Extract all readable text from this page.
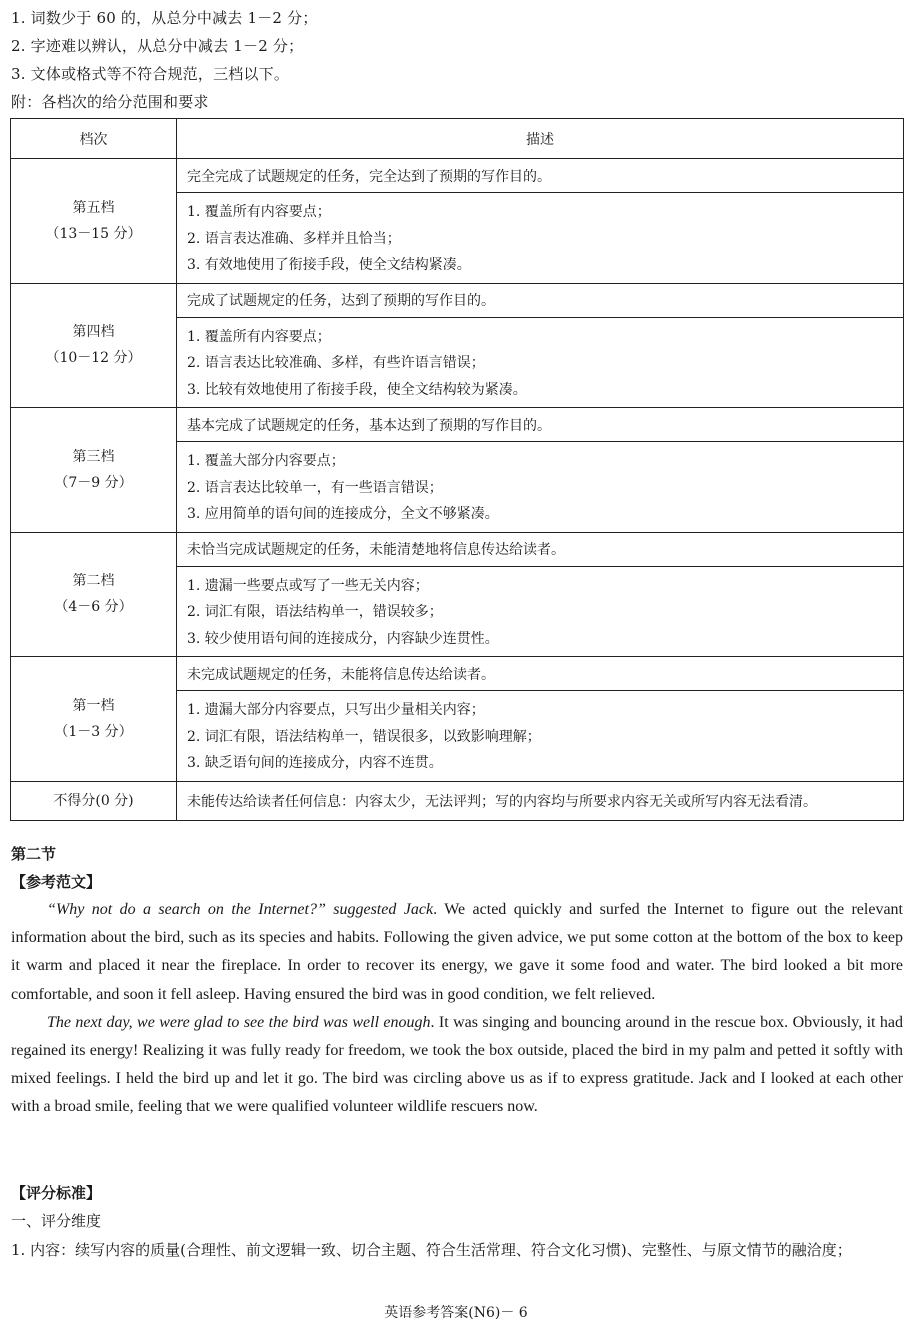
1. 词数少于 60 的，从总分中减去 1－2 分；
2. 字迹难以辨认，从总分中减去 1－2 分；
3. 文体或格式等不符合规范，三档以下。
附：各档次的给分范围和要求
档次	描述

第五档
（13－15 分）	完全完成了试题规定的任务，完全达到了预期的写作目的。

	1. 覆盖所有内容要点；
2. 语言表达准确、多样并且恰当；
3. 有效地使用了衔接手段，使全文结构紧凑。

第四档
（10－12 分）	完成了试题规定的任务，达到了预期的写作目的。

	1. 覆盖所有内容要点；
2. 语言表达比较准确、多样，有些许语言错误；
3. 比较有效地使用了衔接手段，使全文结构较为紧凑。

第三档
（7－9 分）	基本完成了试题规定的任务，基本达到了预期的写作目的。

	1. 覆盖大部分内容要点；
2. 语言表达比较单一，有一些语言错误；
3. 应用简单的语句间的连接成分，全文不够紧凑。

第二档
（4－6 分）	未恰当完成试题规定的任务，未能清楚地将信息传达给读者。

	1. 遗漏一些要点或写了一些无关内容；
2. 词汇有限，语法结构单一，错误较多；
3. 较少使用语句间的连接成分，内容缺少连贯性。

第一档
（1－3 分）	未完成试题规定的任务，未能将信息传达给读者。

	1. 遗漏大部分内容要点，只写出少量相关内容；
2. 词汇有限，语法结构单一，错误很多，以致影响理解；
3. 缺乏语句间的连接成分，内容不连贯。

不得分(0 分)	未能传达给读者任何信息：内容太少，无法评判；写的内容均与所要求内容无关或所写内容无法看清。
第二节
【参考范文】

“Why not do a search on the Internet?” suggested Jack. We acted quickly and surfed the Internet to figure out the relevant information about the bird, such as its species and habits. Following the given advice, we put some cotton at the bottom of the box to keep it warm and placed it near the fireplace. In order to recover its energy, we gave it some food and water. The bird looked a bit more comfortable, and soon it fell asleep. Having ensured the bird was in good condition, we felt relieved.

The next day, we were glad to see the bird was well enough. It was singing and bouncing around in the rescue box. Obviously, it had regained its energy! Realizing it was fully ready for freedom, we took the box outside, placed the bird in my palm and petted it softly with mixed feelings. I held the bird up and let it go. The bird was circling above us as if to express gratitude. Jack and I looked at each other with a broad smile, feeling that we were qualified volunteer wildlife rescuers now.

【评分标准】
一、评分维度
1. 内容：续写内容的质量(合理性、前文逻辑一致、切合主题、符合生活常理、符合文化习惯)、完整性、与原文情节的融洽度；
英语参考答案(N6)－ 6
